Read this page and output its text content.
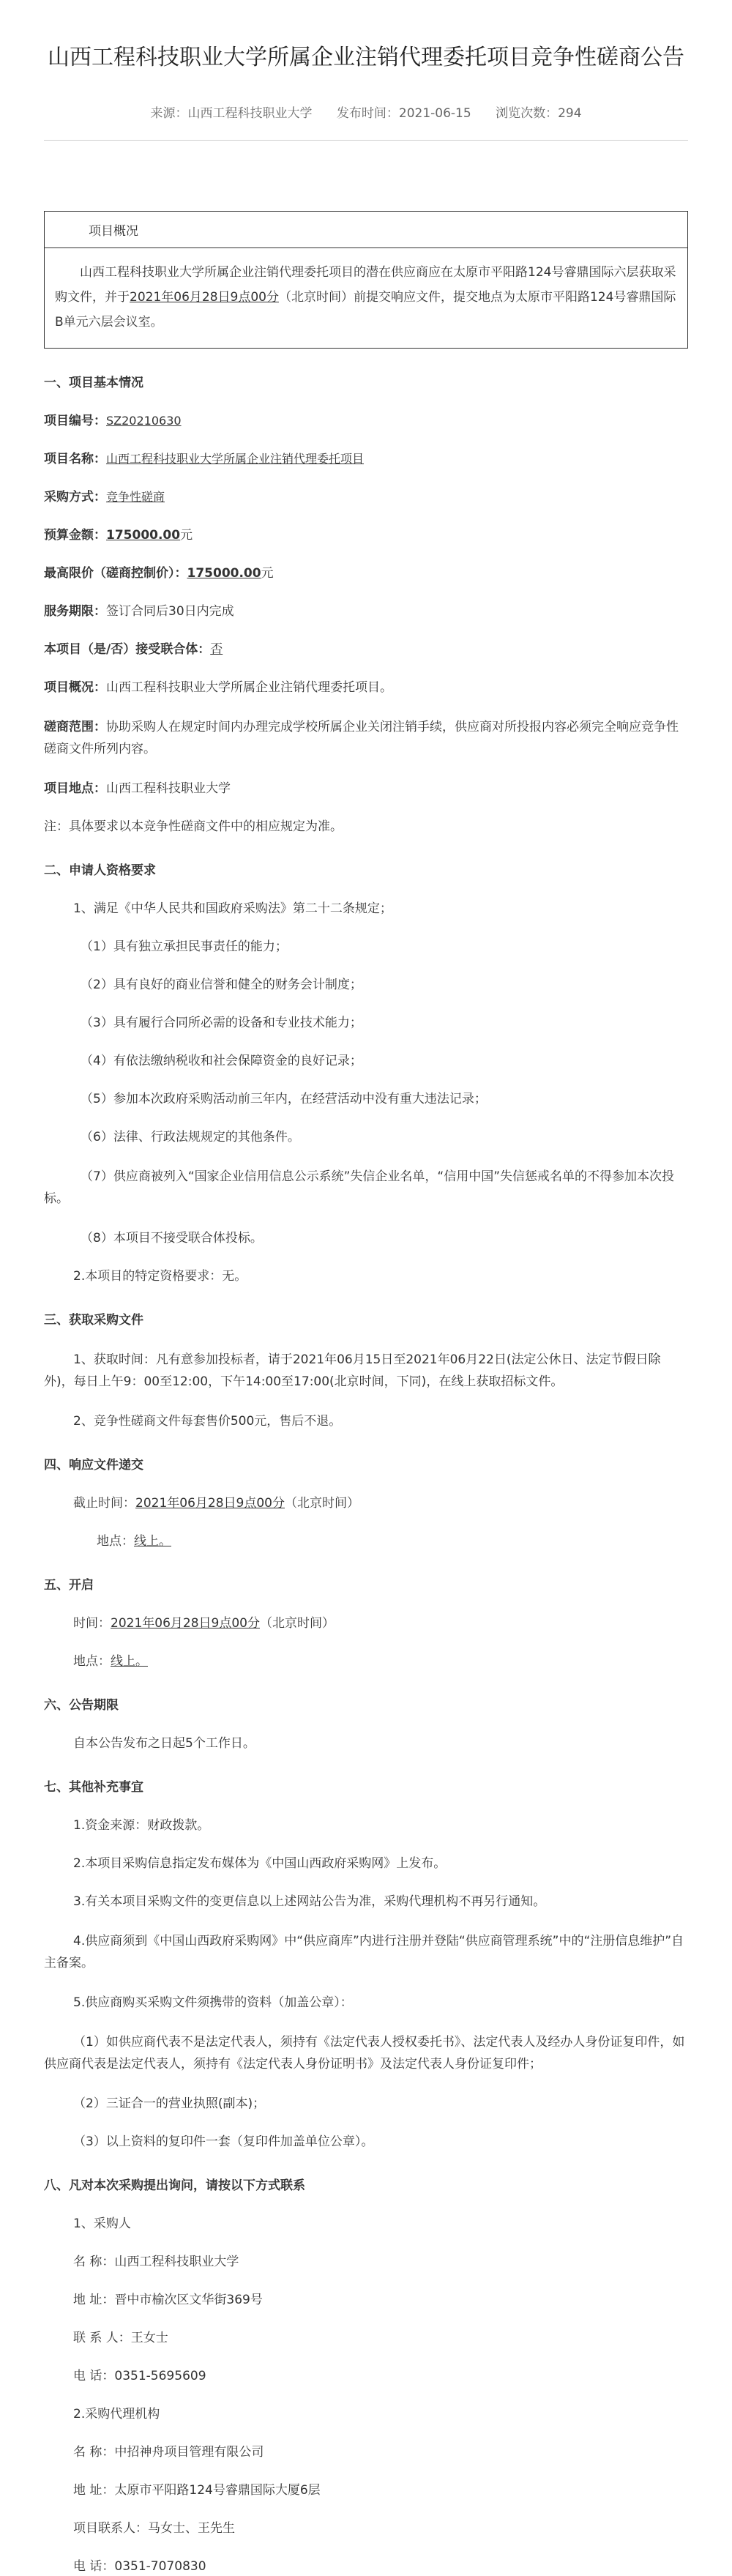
山西工程科技职业大学所属企业注销代理委托项目竞争性磋商公告
来源：山西工程科技职业大学 发布时间：2021-06-15 浏览次数：294
项目概况
山西工程科技职业大学所属企业注销代理委托项目的潜在供应商应在太原市平阳路124号睿鼎国际六层获取采购文件，并于2021年06月28日9点00分（北京时间）前提交响应文件，提交地点为太原市平阳路124号睿鼎国际B单元六层会议室。

一、项目基本情况

项目编号：SZ20210630

项目名称：山西工程科技职业大学所属企业注销代理委托项目

采购方式：竞争性磋商

预算金额：175000.00元

最高限价（磋商控制价）：175000.00元

服务期限：签订合同后30日内完成

本项目（是/否）接受联合体：否

项目概况：山西工程科技职业大学所属企业注销代理委托项目。

磋商范围：协助采购人在规定时间内办理完成学校所属企业关闭注销手续，供应商对所投报内容必须完全响应竞争性磋商文件所列内容。

项目地点：山西工程科技职业大学

注：具体要求以本竞争性磋商文件中的相应规定为准。

二、申请人资格要求

1、满足《中华人民共和国政府采购法》第二十二条规定；

（1）具有独立承担民事责任的能力；

（2）具有良好的商业信誉和健全的财务会计制度；

（3）具有履行合同所必需的设备和专业技术能力；

（4）有依法缴纳税收和社会保障资金的良好记录；

（5）参加本次政府采购活动前三年内，在经营活动中没有重大违法记录；

（6）法律、行政法规规定的其他条件。

（7）供应商被列入“国家企业信用信息公示系统”失信企业名单，“信用中国”失信惩戒名单的不得参加本次投标。

（8）本项目不接受联合体投标。

2.本项目的特定资格要求：无。

三、获取采购文件

1、获取时间：凡有意参加投标者，请于2021年06月15日至2021年06月22日(法定公休日、法定节假日除外)，每日上午9：00至12:00，下午14:00至17:00(北京时间，下同)，在线上获取招标文件。

2、竞争性磋商文件每套售价500元，售后不退。

四、响应文件递交

截止时间：2021年06月28日9点00分（北京时间）

地点：线上。

五、开启

时间：2021年06月28日9点00分（北京时间）

地点：线上。

六、公告期限

自本公告发布之日起5个工作日。

七、其他补充事宜

1.资金来源：财政拨款。

2.本项目采购信息指定发布媒体为《中国山西政府采购网》上发布。

3.有关本项目采购文件的变更信息以上述网站公告为准，采购代理机构不再另行通知。

4.供应商须到《中国山西政府采购网》中“供应商库”内进行注册并登陆“供应商管理系统”中的“注册信息维护”自主备案。

5.供应商购买采购文件须携带的资料（加盖公章）：

（1）如供应商代表不是法定代表人，须持有《法定代表人授权委托书》、法定代表人及经办人身份证复印件，如供应商代表是法定代表人，须持有《法定代表人身份证明书》及法定代表人身份证复印件；

（2）三证合一的营业执照(副本)；

（3）以上资料的复印件一套（复印件加盖单位公章）。

八、凡对本次采购提出询问，请按以下方式联系

1、采购人

名 称：山西工程科技职业大学

地 址：晋中市榆次区文华街369号

联 系 人：王女士

电 话：0351-5695609

2.采购代理机构

名 称：中招神舟项目管理有限公司

地 址：太原市平阳路124号睿鼎国际大厦6层

项目联系人：马女士、王先生

电 话：0351-7070830
